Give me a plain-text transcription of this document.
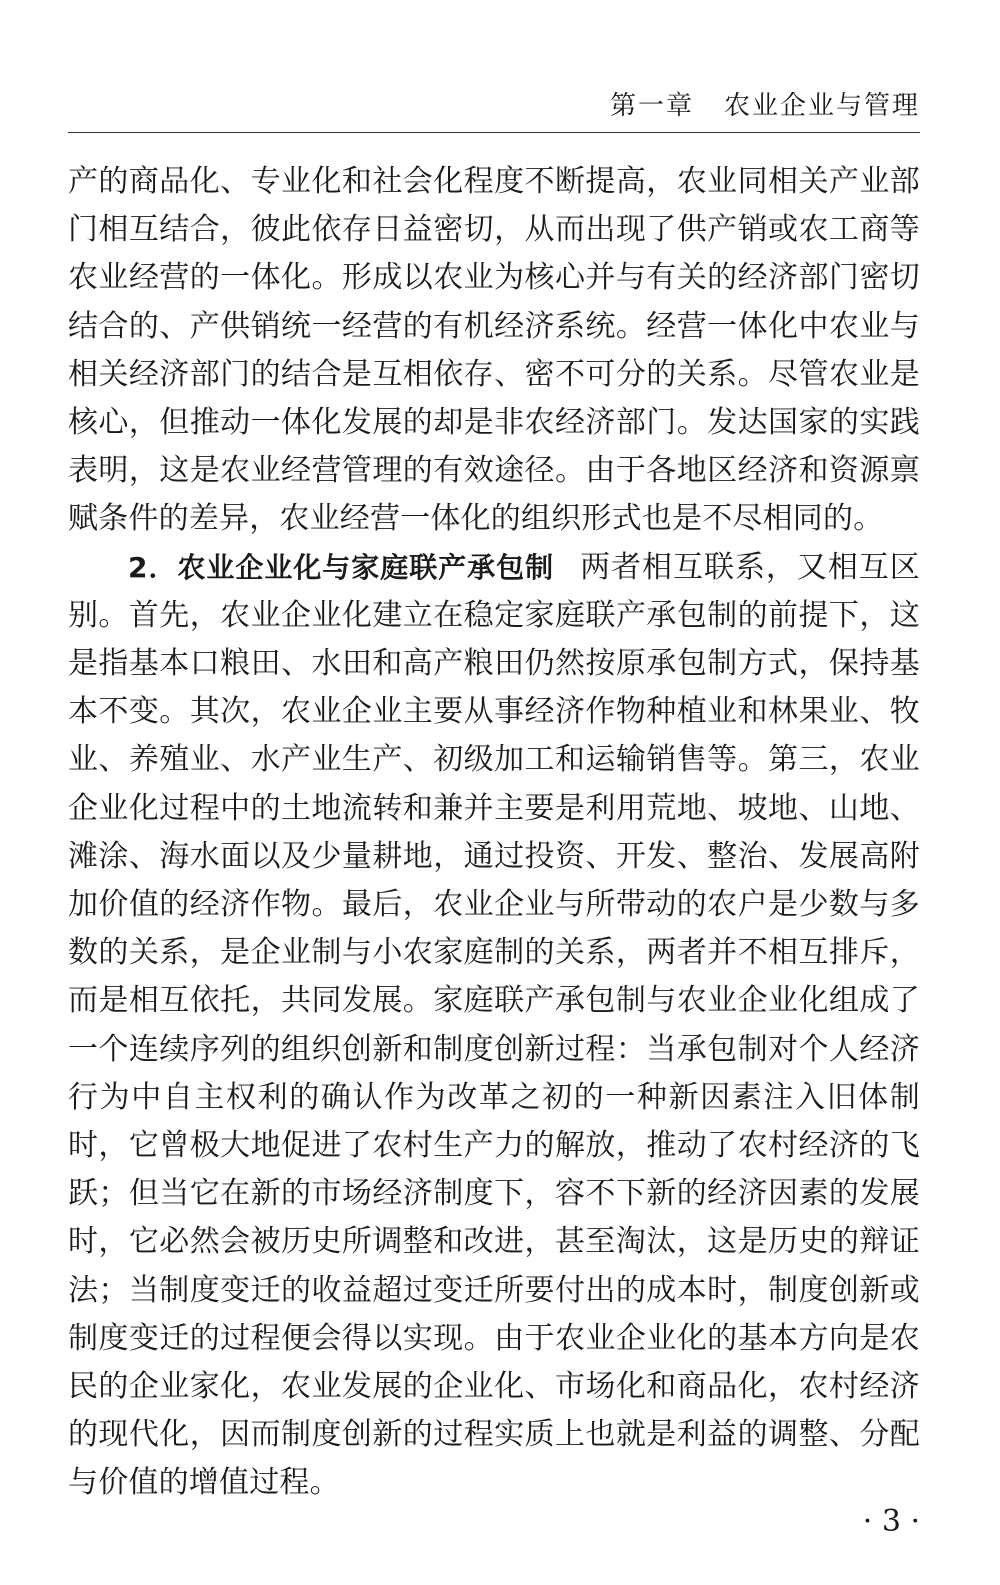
第一章 农业企业与管理

产的商品化、专业化和社会化程度不断提高，农业同相关产业部门相互结合，彼此依存日益密切，从而出现了供产销或农工商等农业经营的一体化。形成以农业为核心并与有关的经济部门密切结合的、产供销统一经营的有机经济系统。经营一体化中农业与相关经济部门的结合是互相依存、密不可分的关系。尽管农业是核心，但推动一体化发展的却是非农经济部门。发达国家的实践表明，这是农业经营管理的有效途径。由于各地区经济和资源禀赋条件的差异，农业经营一体化的组织形式也是不尽相同的。

2．农业企业化与家庭联产承包制 两者相互联系，又相互区别。首先，农业企业化建立在稳定家庭联产承包制的前提下，这是指基本口粮田、水田和高产粮田仍然按原承包制方式，保持基本不变。其次，农业企业主要从事经济作物种植业和林果业、牧业、养殖业、水产业生产、初级加工和运输销售等。第三，农业企业化过程中的土地流转和兼并主要是利用荒地、坡地、山地、滩涂、海水面以及少量耕地，通过投资、开发、整治、发展高附加价值的经济作物。最后，农业企业与所带动的农户是少数与多数的关系，是企业制与小农家庭制的关系，两者并不相互排斥，而是相互依托，共同发展。家庭联产承包制与农业企业化组成了一个连续序列的组织创新和制度创新过程：当承包制对个人经济行为中自主权利的确认作为改革之初的一种新因素注入旧体制时，它曾极大地促进了农村生产力的解放，推动了农村经济的飞跃；但当它在新的市场经济制度下，容不下新的经济因素的发展时，它必然会被历史所调整和改进，甚至淘汰，这是历史的辩证法；当制度变迁的收益超过变迁所要付出的成本时，制度创新或制度变迁的过程便会得以实现。由于农业企业化的基本方向是农民的企业家化，农业发展的企业化、市场化和商品化，农村经济的现代化，因而制度创新的过程实质上也就是利益的调整、分配与价值的增值过程。

· 3 ·
